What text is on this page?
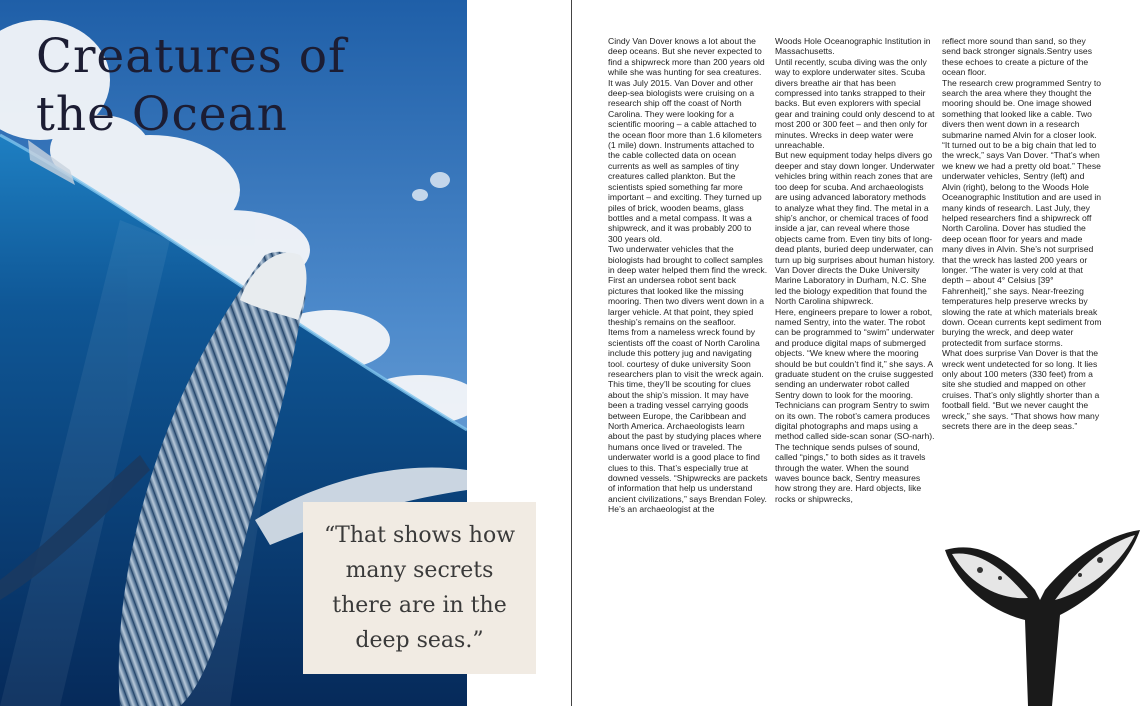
Creatures of
the Ocean

“That shows how many secrets there are in the deep seas.”

Cindy Van Dover knows a lot about the deep oceans. But she never expected to find a shipwreck more than 200 years old while she was hunting for sea creatures.
It was July 2015. Van Dover and other deep-sea biologists were cruising on a research ship off the coast of North Carolina. They were looking for a scientific mooring – a cable attached to the ocean floor more than 1.6 kilometers (1 mile) down. Instruments attached to the cable collected data on ocean currents as well as samples of tiny creatures called plankton. But the scientists spied something far more important – and exciting. They turned up piles of brick, wooden beams, glass bottles and a metal compass. It was a shipwreck, and it was probably 200 to 300 years old.
Two underwater vehicles that the biologists had brought to collect samples in deep water helped them find the wreck. First an undersea robot sent back pictures that looked like the missing mooring. Then two divers went down in a larger vehicle. At that point, they spied theship’s remains on the seafloor.
Items from a nameless wreck found by scientists off the coast of North Carolina include this pottery jug and navigating tool. courtesy of duke university Soon researchers plan to visit the wreck again. This time, they’ll be scouting for clues about the ship’s mission. It may have been a trading vessel carrying goods between Europe, the Caribbean and North America. Archaeologists learn about the past by studying places where humans once lived or traveled. The underwater world is a good place to find clues to this. That’s especially true at downed vessels. “Shipwrecks are packets of information that help us understand ancient civilizations,” says Brendan Foley. He’s an archaeologist at the

Woods Hole Oceanographic Institution in Massachusetts.
Until recently, scuba diving was the only way to explore underwater sites. Scuba divers breathe air that has been compressed into tanks strapped to their backs. But even explorers with special gear and training could only descend to at most 200 or 300 feet – and then only for minutes. Wrecks in deep water were unreachable.
But new equipment today helps divers go deeper and stay down longer. Underwater vehicles bring within reach zones that are too deep for scuba. And archaeologists are using advanced laboratory methods to analyze what they find. The metal in a ship’s anchor, or chemical traces of food inside a jar, can reveal where those objects came from. Even tiny bits of long-dead plants, buried deep underwater, can turn up big surprises about human history.
Van Dover directs the Duke University Marine Laboratory in Durham, N.C. She led the biology expedition that found the North Carolina shipwreck.
Here, engineers prepare to lower a robot, named Sentry, into the water. The robot can be programmed to “swim” underwater and produce digital maps of submerged objects. “We knew where the mooring should be but couldn’t find it,” she says. A graduate student on the cruise suggested sending an underwater robot called Sentry down to look for the mooring. Technicians can program Sentry to swim on its own. The robot’s camera produces digital photographs and maps using a method called side-scan sonar (SO-narh). The technique sends pulses of sound, called “pings,” to both sides as it travels through the water. When the sound waves bounce back, Sentry measures how strong they are. Hard objects, like rocks or shipwrecks,

reflect more sound than sand, so they send back stronger signals.Sentry uses these echoes to create a picture of the ocean floor.
The research crew programmed Sentry to search the area where they thought the mooring should be. One image showed something that looked like a cable. Two divers then went down in a research submarine named Alvin for a closer look. “It turned out to be a big chain that led to the wreck,” says Van Dover. “That’s when we knew we had a pretty old boat.” These underwater vehicles, Sentry (left) and Alvin (right), belong to the Woods Hole Oceanographic Institution and are used in many kinds of research. Last July, they helped researchers find a shipwreck off North Carolina. Dover has studied the deep ocean floor for years and made many dives in Alvin. She’s not surprised that the wreck has lasted 200 years or longer. “The water is very cold at that depth – about 4° Celsius [39° Fahrenheit],” she says. Near-freezing temperatures help preserve wrecks by slowing the rate at which materials break down. Ocean currents kept sediment from burying the wreck, and deep water protectedit from surface storms.
What does surprise Van Dover is that the wreck went undetected for so long. It lies only about 100 meters (330 feet) from a site she studied and mapped on other cruises. That’s only slightly shorter than a football field. “But we never caught the wreck,” she says. “That shows how many secrets there are in the deep seas.”
